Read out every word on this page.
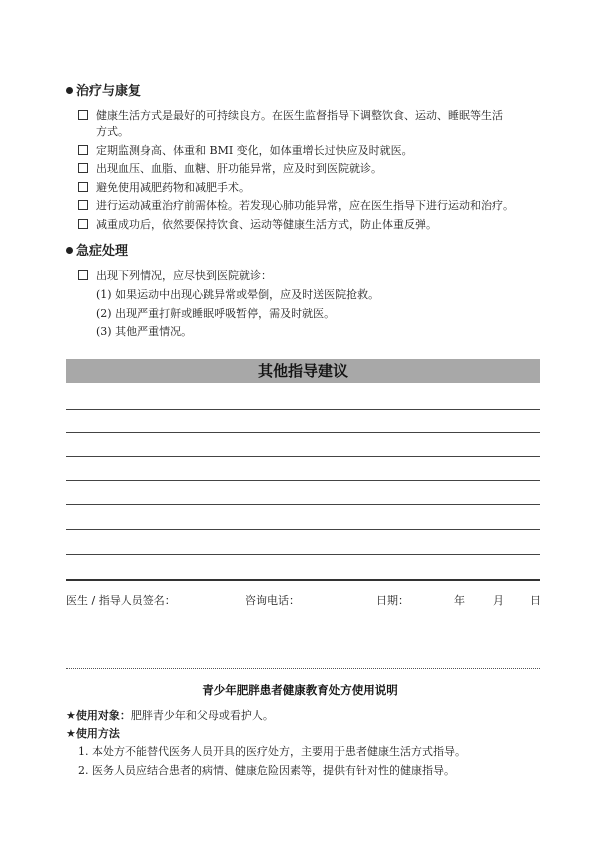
治疗与康复
健康生活方式是最好的可持续良方。在医生监督指导下调整饮食、运动、睡眠等生活
方式。
定期监测身高、体重和 BMI 变化，如体重增长过快应及时就医。
出现血压、血脂、血糖、肝功能异常，应及时到医院就诊。
避免使用减肥药物和减肥手术。
进行运动减重治疗前需体检。若发现心肺功能异常，应在医生指导下进行运动和治疗。
减重成功后，依然要保持饮食、运动等健康生活方式，防止体重反弹。
急症处理
出现下列情况，应尽快到医院就诊：
(1) 如果运动中出现心跳异常或晕倒，应及时送医院抢救。
(2) 出现严重打鼾或睡眠呼吸暂停，需及时就医。
(3) 其他严重情况。
其他指导建议
医生 / 指导人员签名：	咨询电话：	日期：	年	月 日
青少年肥胖患者健康教育处方使用说明
★使用对象：肥胖青少年和父母或看护人。
★使用方法
1. 本处方不能替代医务人员开具的医疗处方，主要用于患者健康生活方式指导。
2. 医务人员应结合患者的病情、健康危险因素等，提供有针对性的健康指导。
